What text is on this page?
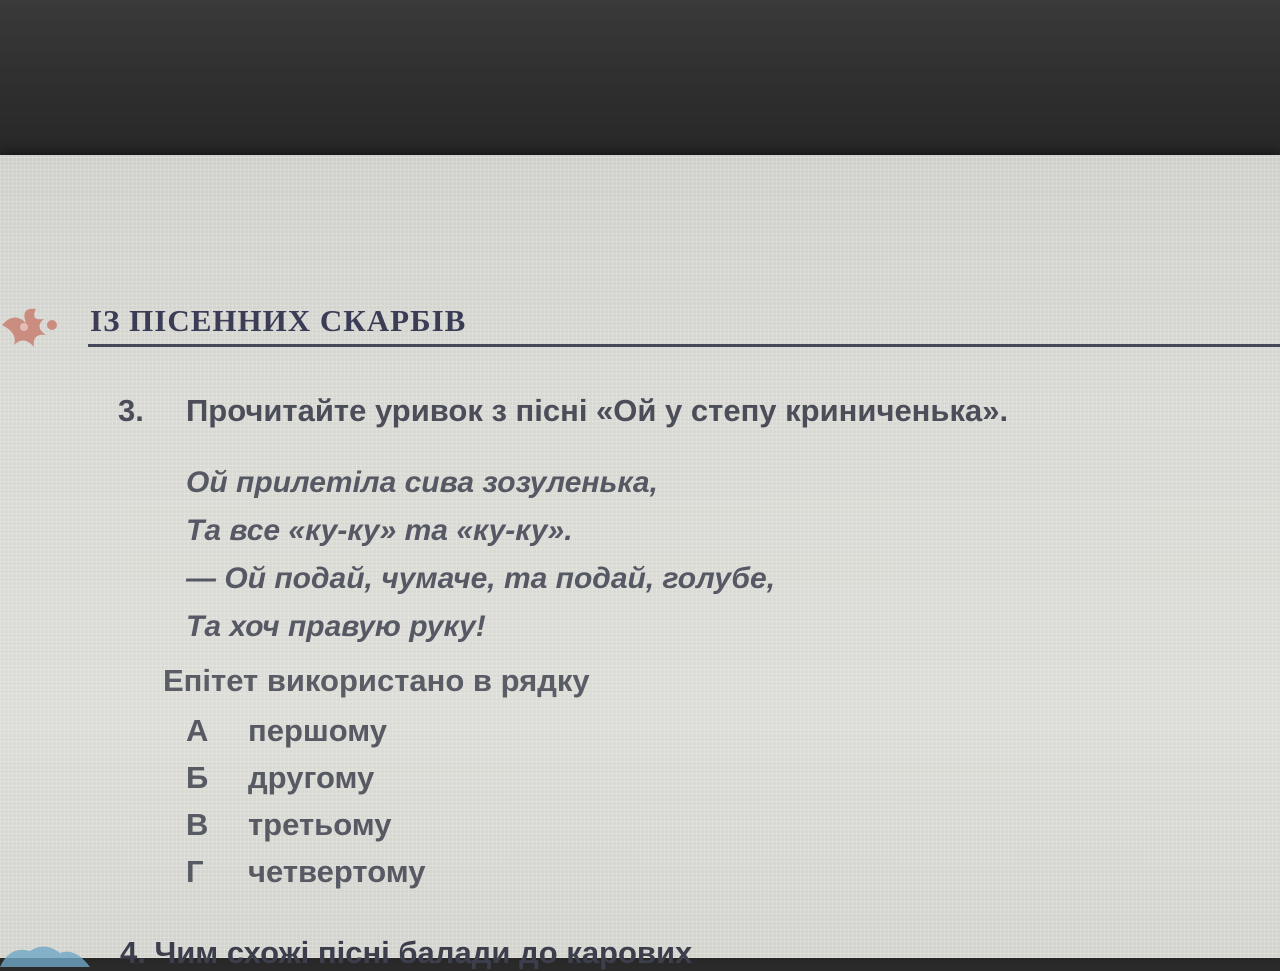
ІЗ ПІСЕННИХ СКАРБІВ
3. Прочитайте уривок з пісні «Ой у степу криниченька».
Ой прилетіла сива зозуленька,
Та все «ку-ку» та «ку-ку».
— Ой подай, чумаче, та подай, голубе,
Та хоч правую руку!
Епітет використано в рядку
А першому
Б другому
В третьому
Г четвертому
4. Чим схожі пісні балади до карових
